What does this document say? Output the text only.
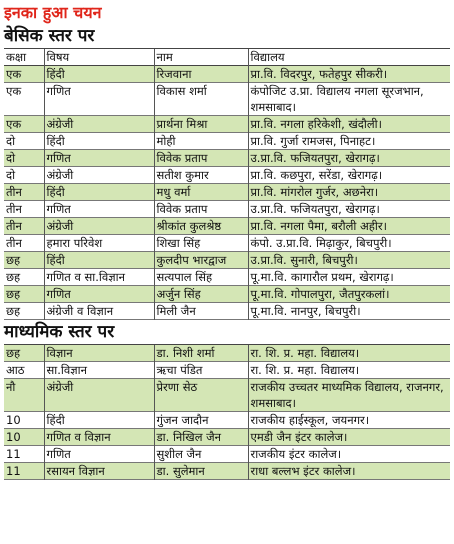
इनका हुआ चयन
बेसिक स्तर पर
कक्षा	विषय	नाम	विद्यालय
एक	हिंदी	रिजवाना	प्रा.वि. विदरपुर, फतेहपुर सीकरी।
एक	गणित	विकास शर्मा	कंपोजिट उ.प्रा. विद्यालय नगला सूरजभान, शमसाबाद।
एक	अंग्रेजी	प्रार्थना मिश्रा	प्रा.वि. नगला हरिकेशी, खंदौली।
दो	हिंदी	मोही	प्रा.वि. गुर्जा रामजस, पिनाहट।
दो	गणित	विवेक प्रताप	उ.प्रा.वि. फजियतपुरा, खेरागढ़।
दो	अंग्रेजी	सतीश कुमार	प्रा.वि. कछपुरा, सरेंडा, खेरागढ़।
तीन	हिंदी	मधु वर्मा	प्रा.वि. मांगरोल गुर्जर, अछनेरा।
तीन	गणित	विवेक प्रताप	उ.प्रा.वि. फजियतपुरा, खेरागढ़।
तीन	अंग्रेजी	श्रीकांत कुलश्रेष्ठ	प्रा.वि. नगला पैमा, बरौली अहीर।
तीन	हमारा परिवेश	शिखा सिंह	कंपो. उ.प्रा.वि. मिढ़ाकुर, बिचपुरी।
छह	हिंदी	कुलदीप भारद्वाज	उ.प्रा.वि. सुनारी, बिचपुरी।
छह	गणित व सा.विज्ञान	सत्यपाल सिंह	पू.मा.वि. कागारौल प्रथम, खेरागढ़।
छह	गणित	अर्जुन सिंह	पू.मा.वि. गोपालपुरा, जैतपुरकलां।
छह	अंग्रेजी व विज्ञान	मिली जैन	पू.मा.वि. नानपुर, बिचपुरी।
माध्यमिक स्तर पर
छह	विज्ञान	डा. निशी शर्मा	रा. शि. प्र. महा. विद्यालय।
आठ	सा.विज्ञान	ऋचा पंडित	रा. शि. प्र. महा. विद्यालय।
नौ	अंग्रेजी	प्रेरणा सेठ	राजकीय उच्चतर माध्यमिक विद्यालय, राजनगर, शमसाबाद।
10	हिंदी	गुंजन जादौन	राजकीय हाईस्कूल, जयनगर।
10	गणित व विज्ञान	डा. निखिल जैन	एमडी जैन इंटर कालेज।
11	गणित	सुशील जैन	राजकीय इंटर कालेज।
11	रसायन विज्ञान	डा. सुलेमान	राधा बल्लभ इंटर कालेज।
